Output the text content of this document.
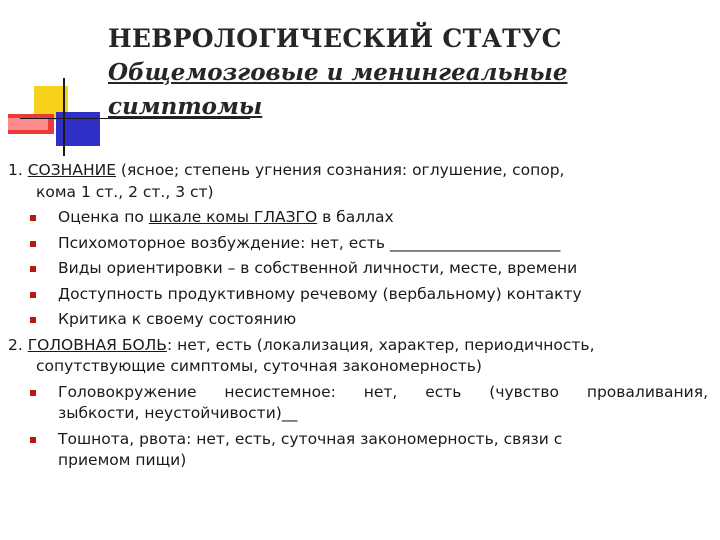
НЕВРОЛОГИЧЕСКИЙ СТАТУС

Общемозговые и менингеальные симптомы

1. СОЗНАНИЕ (ясное; степень угнения сознания: оглушение, сопор,
кома 1 ст., 2 ст., 3 ст)
Оценка по шкале комы ГЛАЗГО в баллах
Психомоторное возбуждение: нет, есть ______________________
Виды ориентировки – в собственной личности, месте, времени
Доступность продуктивному речевому (вербальному) контакту
Критика к своему состоянию
2. ГОЛОВНАЯ БОЛЬ: нет, есть (локализация, характер, периодичность,
сопутствующие симптомы, суточная закономерность)
Головокружение несистемное: нет, есть (чувство проваливания,
зыбкости, неустойчивости)__
Тошнота, рвота: нет, есть, суточная закономерность, связи с
приемом пищи)
